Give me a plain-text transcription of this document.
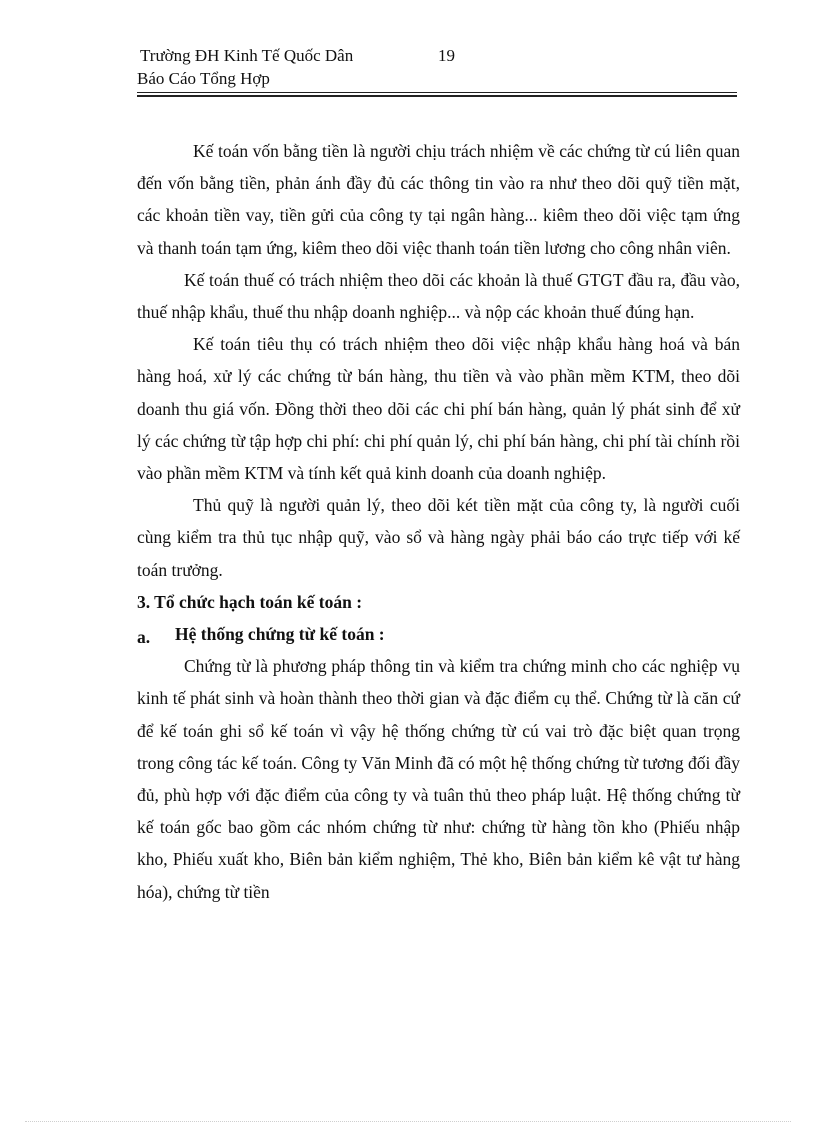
Trường ĐH Kinh Tế Quốc Dân	19
Báo Cáo Tổng Hợp

Kế toán vốn bằng tiền là người chịu trách nhiệm về các chứng từ cú liên quan đến vốn bằng tiền, phản ánh đầy đủ các thông tin vào ra như theo dõi quỹ tiền mặt, các khoản tiền vay, tiền gửi của công ty tại ngân hàng... kiêm theo dõi việc tạm ứng và thanh toán tạm ứng, kiêm theo dõi việc thanh toán tiền lương cho công nhân viên.

Kế toán thuế có trách nhiệm theo dõi các khoản là thuế GTGT đầu ra, đầu vào, thuế nhập khẩu, thuế thu nhập doanh nghiệp... và nộp các khoản thuế đúng hạn.

Kế toán tiêu thụ có trách nhiệm theo dõi việc nhập khẩu hàng hoá và bán hàng hoá, xử lý các chứng từ bán hàng, thu tiền và vào phần mềm KTM, theo dõi doanh thu giá vốn. Đồng thời theo dõi các chi phí bán hàng, quản lý phát sinh để xử lý các chứng từ tập hợp chi phí: chi phí quản lý, chi phí bán hàng, chi phí tài chính rồi vào phần mềm KTM và tính kết quả kinh doanh của doanh nghiệp.

Thủ quỹ là người quản lý, theo dõi két tiền mặt của công ty, là người cuối cùng kiểm tra thủ tục nhập quỹ, vào sổ và hàng ngày phải báo cáo trực tiếp với kế toán trưởng.

3. Tổ chức hạch toán kế toán :

a. Hệ thống chứng từ kế toán :

Chứng từ là phương pháp thông tin và kiểm tra chứng minh cho các nghiệp vụ kinh tế phát sinh và hoàn thành theo thời gian và đặc điểm cụ thể. Chứng từ là căn cứ để kế toán ghi sổ kế toán vì vậy hệ thống chứng từ cú vai trò đặc biệt quan trọng trong công tác kế toán. Công ty Văn Minh đã có một hệ thống chứng từ tương đối đầy đủ, phù hợp với đặc điểm của công ty và tuân thủ theo pháp luật. Hệ thống chứng từ kế toán gốc bao gồm các nhóm chứng từ như: chứng từ hàng tồn kho (Phiếu nhập kho, Phiếu xuất kho, Biên bản kiểm nghiệm, Thẻ kho, Biên bản kiểm kê vật tư hàng hóa), chứng từ tiền
